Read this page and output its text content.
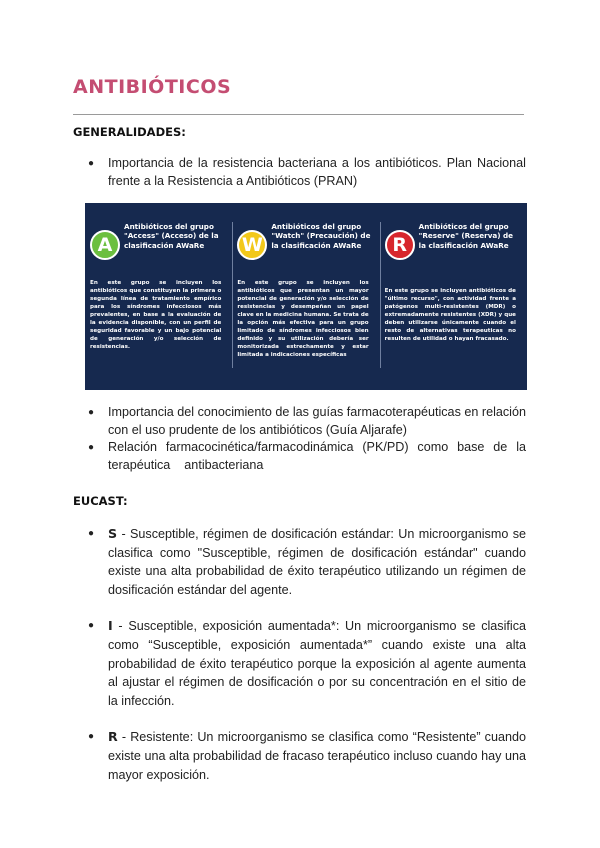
ANTIBIÓTICOS
GENERALIDADES:
● Importancia de la resistencia bacteriana a los antibióticos. Plan Nacional frente a la Resistencia a Antibióticos (PRAN)
A
Antibióticos del grupo "Access" (Acceso) de la clasificación AWaRe
En este grupo se incluyen los antibióticos que constituyen la primera o segunda línea de tratamiento empírico para los síndromes infecciosos más prevalentes, en base a la evaluación de la evidencia disponible, con un perfil de seguridad favorable y un bajo potencial de generación y/o selección de resistencias.
W
Antibióticos del grupo "Watch" (Precaución) de la clasificación AWaRe
En este grupo se incluyen los antibióticos que presentan un mayor potencial de generación y/o selección de resistencias y desempeñan un papel clave en la medicina humana. Se trata de la opción más efectiva para un grupo limitado de síndromes infecciosos bien definido y su utilización debería ser monitorizada estrechamente y estar limitada a indicaciones específicas
R
Antibióticos del grupo "Reserve" (Reserva) de la clasificación AWaRe
En este grupo se incluyen antibióticos de "último recurso", con actividad frente a patógenos multi-resistentes (MDR) o extremadamente resistentes (XDR) y que deben utilizarse únicamente cuando el resto de alternativas terapeuticas no resulten de utilidad o hayan fracasado.
● Importancia del conocimiento de las guías farmacoterapéuticas en relación con el uso prudente de los antibióticos (Guía Aljarafe)
● Relación farmacocinética/farmacodinámica (PK/PD) como base de la terapéutica    antibacteriana
EUCAST:
● S - Susceptible, régimen de dosificación estándar: Un microorganismo se clasifica como "Susceptible, régimen de dosificación estándar" cuando existe una alta probabilidad de éxito terapéutico utilizando un régimen de dosificación estándar del agente.
● I - Susceptible, exposición aumentada*: Un microorganismo se clasifica como “Susceptible, exposición aumentada*” cuando existe una alta probabilidad de éxito terapéutico porque la exposición al agente aumenta al ajustar el régimen de dosificación o por su concentración en el sitio de la infección.
● R - Resistente: Un microorganismo se clasifica como “Resistente” cuando existe una alta probabilidad de fracaso terapéutico incluso cuando hay una mayor exposición.
